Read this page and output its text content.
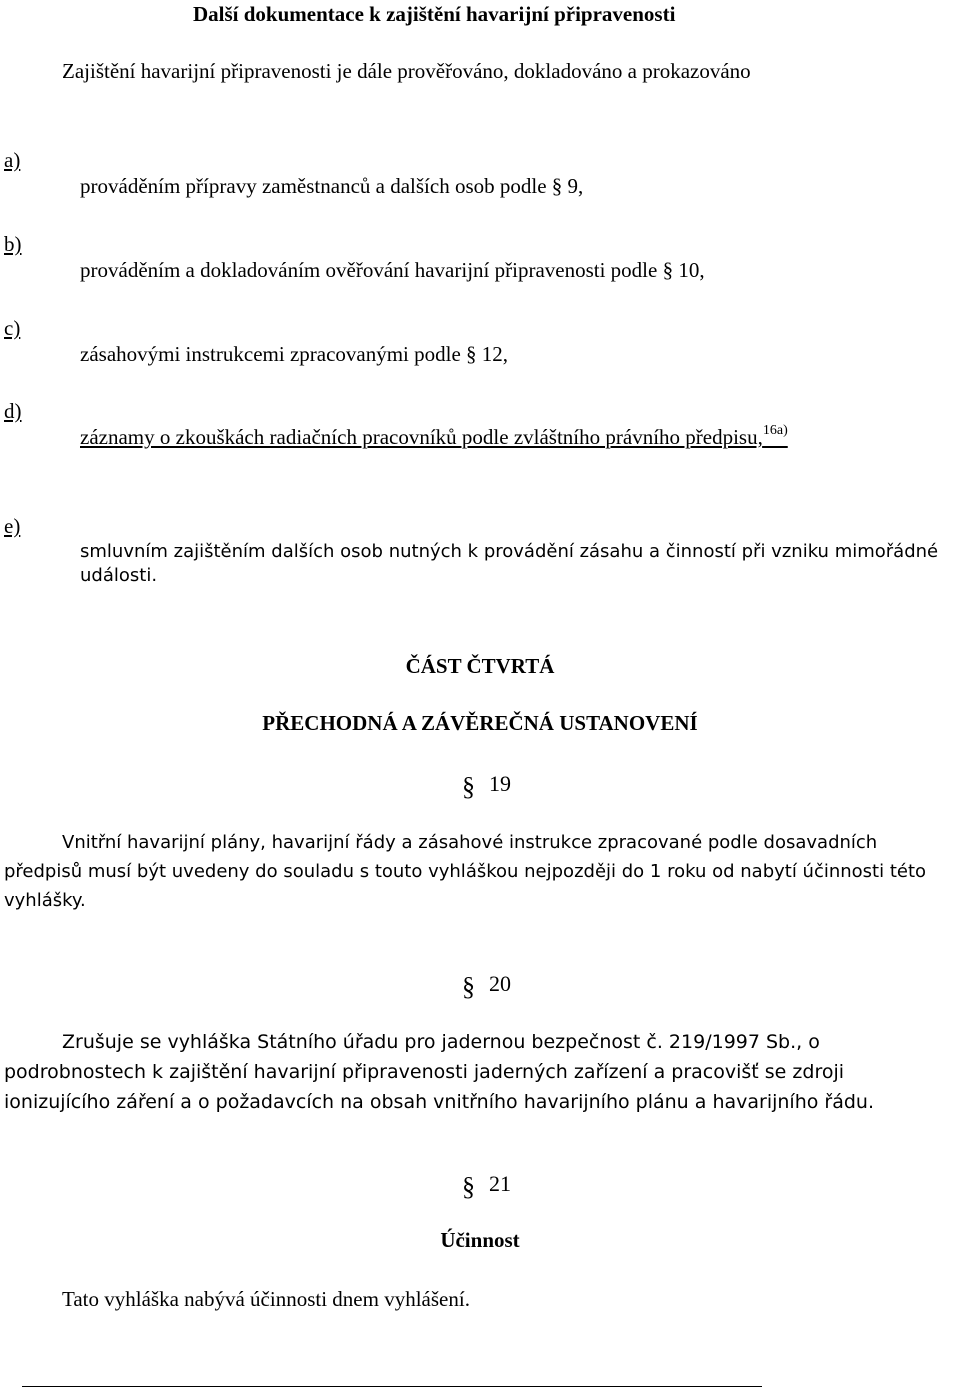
Další dokumentace k zajištění havarijní připravenosti
Zajištění havarijní připravenosti je dále prověřováno, dokladováno a prokazováno
a)
prováděním přípravy zaměstnanců a dalších osob podle § 9,
b)
prováděním a dokladováním ověřování havarijní připravenosti podle § 10,
c)
zásahovými instrukcemi zpracovanými podle § 12,
d)
záznamy o zkouškách radiačních pracovníků podle zvláštního právního předpisu,$^{16a)}$
e)
smluvním zajištěním dalších osob nutných k provádění zásahu a činností při vzniku mimořádné události.
ČÁST ČTVRTÁ
PŘECHODNÁ A ZÁVĚREČNÁ USTANOVENÍ
§ 19
Vnitřní havarijní plány, havarijní řády a zásahové instrukce zpracované podle dosavadních předpisů musí být uvedeny do souladu s touto vyhláškou nejpozději do 1 roku od nabytí účinnosti této vyhlášky.
§ 20
Zrušuje se vyhláška Státního úřadu pro jadernou bezpečnost č. 219/1997 Sb., o podrobnostech k zajištění havarijní připravenosti jaderných zařízení a pracovišť se zdroji ionizujícího záření a o požadavcích na obsah vnitřního havarijního plánu a havarijního řádu.
§ 21
Účinnost
Tato vyhláška nabývá účinnosti dnem vyhlášení.
